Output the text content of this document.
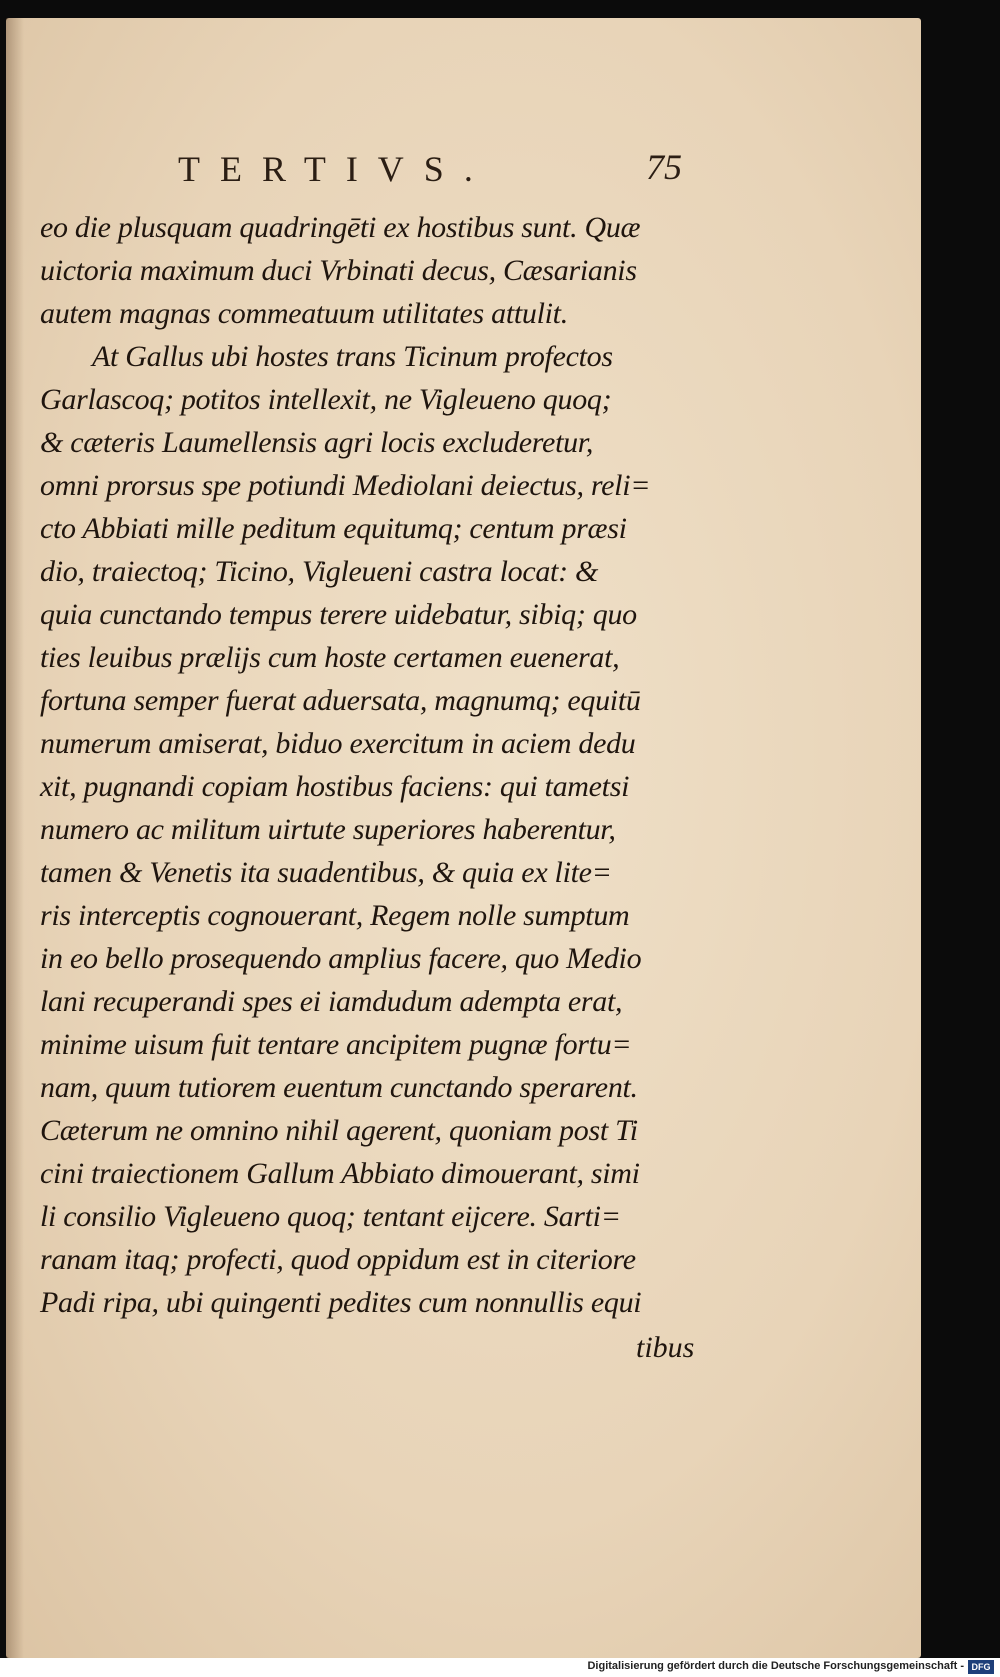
TERTIVS.	75
eo die plusquam quadringēti ex hostibus sunt. Quæ
uictoria maximum duci Vrbinati decus, Cæsarianis
autem magnas commeatuum utilitates attulit.
At Gallus ubi hostes trans Ticinum profectos
Garlascoq; potitos intellexit, ne Vigleueno quoq;
& cæteris Laumellensis agri locis excluderetur,
omni prorsus spe potiundi Mediolani deiectus, reli=
cto Abbiati mille peditum equitumq; centum præsi
dio, traiectoq; Ticino, Vigleueni castra locat: &
quia cunctando tempus terere uidebatur, sibiq; quo
ties leuibus prælijs cum hoste certamen euenerat,
fortuna semper fuerat aduersata, magnumq; equitū
numerum amiserat, biduo exercitum in aciem dedu
xit, pugnandi copiam hostibus faciens: qui tametsi
numero ac militum uirtute superiores haberentur,
tamen & Venetis ita suadentibus, & quia ex lite=
ris interceptis cognouerant, Regem nolle sumptum
in eo bello prosequendo amplius facere, quo Medio
lani recuperandi spes ei iamdudum adempta erat,
minime uisum fuit tentare ancipitem pugnæ fortu=
nam, quum tutiorem euentum cunctando sperarent.
Cæterum ne omnino nihil agerent, quoniam post Ti
cini traiectionem Gallum Abbiato dimouerant, simi
li consilio Vigleueno quoq; tentant eijcere. Sarti=
ranam itaq; profecti, quod oppidum est in citeriore
Padi ripa, ubi quingenti pedites cum nonnullis equi
tibus
Digitalisierung gefördert durch die Deutsche Forschungsgemeinschaft - DFG
